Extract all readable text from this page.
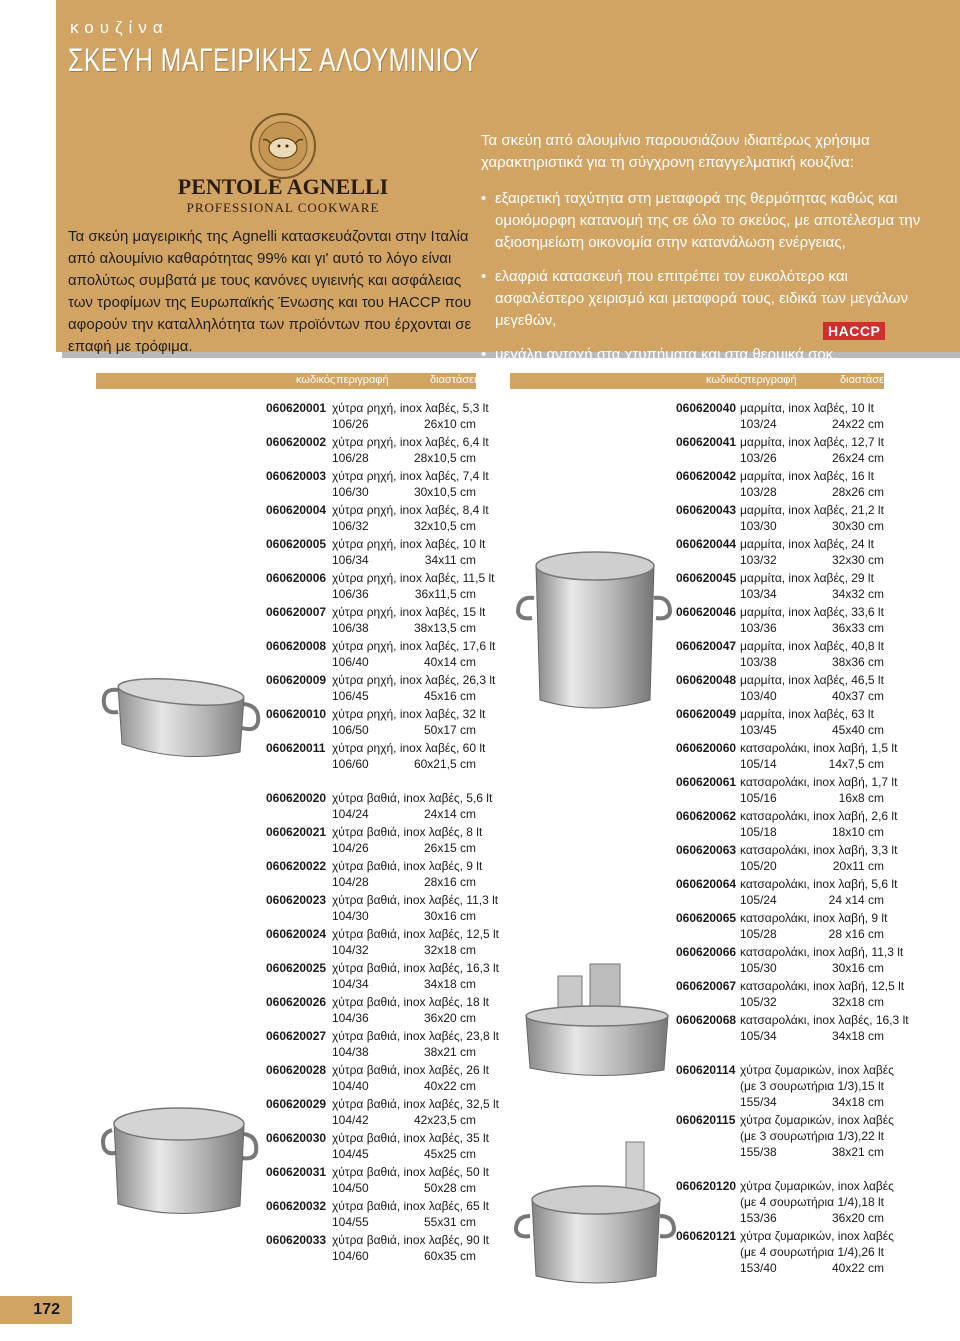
κουζίνα
ΣΚΕΥΗ ΜΑΓΕΙΡΙΚΗΣ ΑΛΟΥΜΙΝΙΟΥ
PENTOLE AGNELLI
PROFESSIONAL COOKWARE
Τα σκεύη μαγειρικής της Agnelli κατασκευάζονται στην Ιταλία από αλουμίνιο καθαρότητας 99% και γι' αυτό το λόγο είναι απολύτως συμβατά με τους κανόνες υγιεινής και ασφάλειας των τροφίμων της Ευρωπαϊκής Ένωσης και του HACCP που αφορούν την καταλληλότητα των προϊόντων που έρχονται σε επαφή με τρόφιμα.

Τα σκεύη από αλουμίνιο παρουσιάζουν ιδιαιτέρως χρήσιμα χαρακτηριστικά για τη σύγχρονη επαγγελματική κουζίνα:

• εξαιρετική ταχύτητα στη μεταφορά της θερμότητας καθώς και ομοιόμορφη κατανομή της σε όλο το σκεύος, με αποτέλεσμα την αξιοσημείωτη οικονομία στην κατανάλωση ενέργειας,
• ελαφριά κατασκευή που επιτρέπει τον ευκολότερο και ασφαλέστερο χειρισμό και μεταφορά τους, ειδικά των μεγάλων μεγεθών,
• μεγάλη αντοχή στα χτυπήματα και στα θερμικά σοκ.
HACCP
κωδικός περιγραφή	διαστάσεις
060620001 χύτρα ρηχή, inox λαβές, 5,3 lt
106/26	26x10 cm
060620002 χύτρα ρηχή, inox λαβές, 6,4 lt
106/28	28x10,5 cm
060620003 χύτρα ρηχή, inox λαβές, 7,4 lt
106/30	30x10,5 cm
060620004 χύτρα ρηχή, inox λαβές, 8,4 lt
106/32	32x10,5 cm
060620005 χύτρα ρηχή, inox λαβές, 10 lt
106/34	34x11 cm
060620006 χύτρα ρηχή, inox λαβές, 11,5 lt
106/36	36x11,5 cm
060620007 χύτρα ρηχή, inox λαβές, 15 lt
106/38	38x13,5 cm
060620008 χύτρα ρηχή, inox λαβές, 17,6 lt
106/40	40x14 cm
060620009 χύτρα ρηχή, inox λαβές, 26,3 lt
106/45	45x16 cm
060620010 χύτρα ρηχή, inox λαβές, 32 lt
106/50	50x17 cm
060620011 χύτρα ρηχή, inox λαβές, 60 lt
106/60	60x21,5 cm
060620020 χύτρα βαθιά, inox λαβές, 5,6 lt
104/24	24x14 cm
060620021 χύτρα βαθιά, inox λαβές, 8 lt
104/26	26x15 cm
060620022 χύτρα βαθιά, inox λαβές, 9 lt
104/28	28x16 cm
060620023 χύτρα βαθιά, inox λαβές, 11,3 lt
104/30	30x16 cm
060620024 χύτρα βαθιά, inox λαβές, 12,5 lt
104/32	32x18 cm
060620025 χύτρα βαθιά, inox λαβές, 16,3 lt
104/34	34x18 cm
060620026 χύτρα βαθιά, inox λαβές, 18 lt
104/36	36x20 cm
060620027 χύτρα βαθιά, inox λαβές, 23,8 lt
104/38	38x21 cm
060620028 χύτρα βαθιά, inox λαβές, 26 lt
104/40	40x22 cm
060620029 χύτρα βαθιά, inox λαβές, 32,5 lt
104/42	42x23,5 cm
060620030 χύτρα βαθιά, inox λαβές, 35 lt
104/45	45x25 cm
060620031 χύτρα βαθιά, inox λαβές, 50 lt
104/50	50x28 cm
060620032 χύτρα βαθιά, inox λαβές, 65 lt
104/55	55x31 cm
060620033 χύτρα βαθιά, inox λαβές, 90 lt
104/60	60x35 cm
κωδικός
περιγραφή	διαστάσεις
060620040 μαρμίτα, inox λαβές, 10 lt
103/24	24x22 cm
060620041 μαρμίτα, inox λαβές, 12,7 lt
103/26	26x24 cm
060620042 μαρμίτα, inox λαβές, 16 lt
103/28	28x26 cm
060620043 μαρμίτα, inox λαβές, 21,2 lt
103/30	30x30 cm
060620044 μαρμίτα, inox λαβές, 24 lt
103/32	32x30 cm
060620045 μαρμίτα, inox λαβές, 29 lt
103/34	34x32 cm
060620046 μαρμίτα, inox λαβές, 33,6 lt
103/36	36x33 cm
060620047 μαρμίτα, inox λαβές, 40,8 lt
103/38	38x36 cm
060620048 μαρμίτα, inox λαβές, 46,5 lt
103/40	40x37 cm
060620049 μαρμίτα, inox λαβές, 63 lt
103/45	45x40 cm
060620060 κατσαρολάκι, inox λαβή, 1,5 lt
105/14	14x7,5 cm
060620061 κατσαρολάκι, inox λαβή, 1,7 lt
105/16	16x8 cm
060620062 κατσαρολάκι, inox λαβή, 2,6 lt
105/18	18x10 cm
060620063 κατσαρολάκι, inox λαβή, 3,3 lt
105/20	20x11 cm
060620064 κατσαρολάκι, inox λαβή, 5,6 lt
105/24	24 x14 cm
060620065 κατσαρολάκι, inox λαβή, 9 lt
105/28	28 x16 cm
060620066 κατσαρολάκι, inox λαβή, 11,3 lt
105/30	30x16 cm
060620067 κατσαρολάκι, inox λαβή, 12,5 lt
105/32	32x18 cm
060620068 κατσαρολάκι, inox λαβές, 16,3 lt
105/34	34x18 cm
060620114 χύτρα ζυμαρικών, inox λαβές
(με 3 σουρωτήρια 1/3), 15 lt
155/34	34x18 cm
060620115 χύτρα ζυμαρικών, inox λαβές
(με 3 σουρωτήρια 1/3), 22 lt
155/38	38x21 cm
060620120 χύτρα ζυμαρικών, inox λαβές
(με 4 σουρωτήρια 1/4), 18 lt
153/36	36x20 cm
060620121 χύτρα ζυμαρικών, inox λαβές
(με 4 σουρωτήρια 1/4), 26 lt
153/40	40x22 cm
172
